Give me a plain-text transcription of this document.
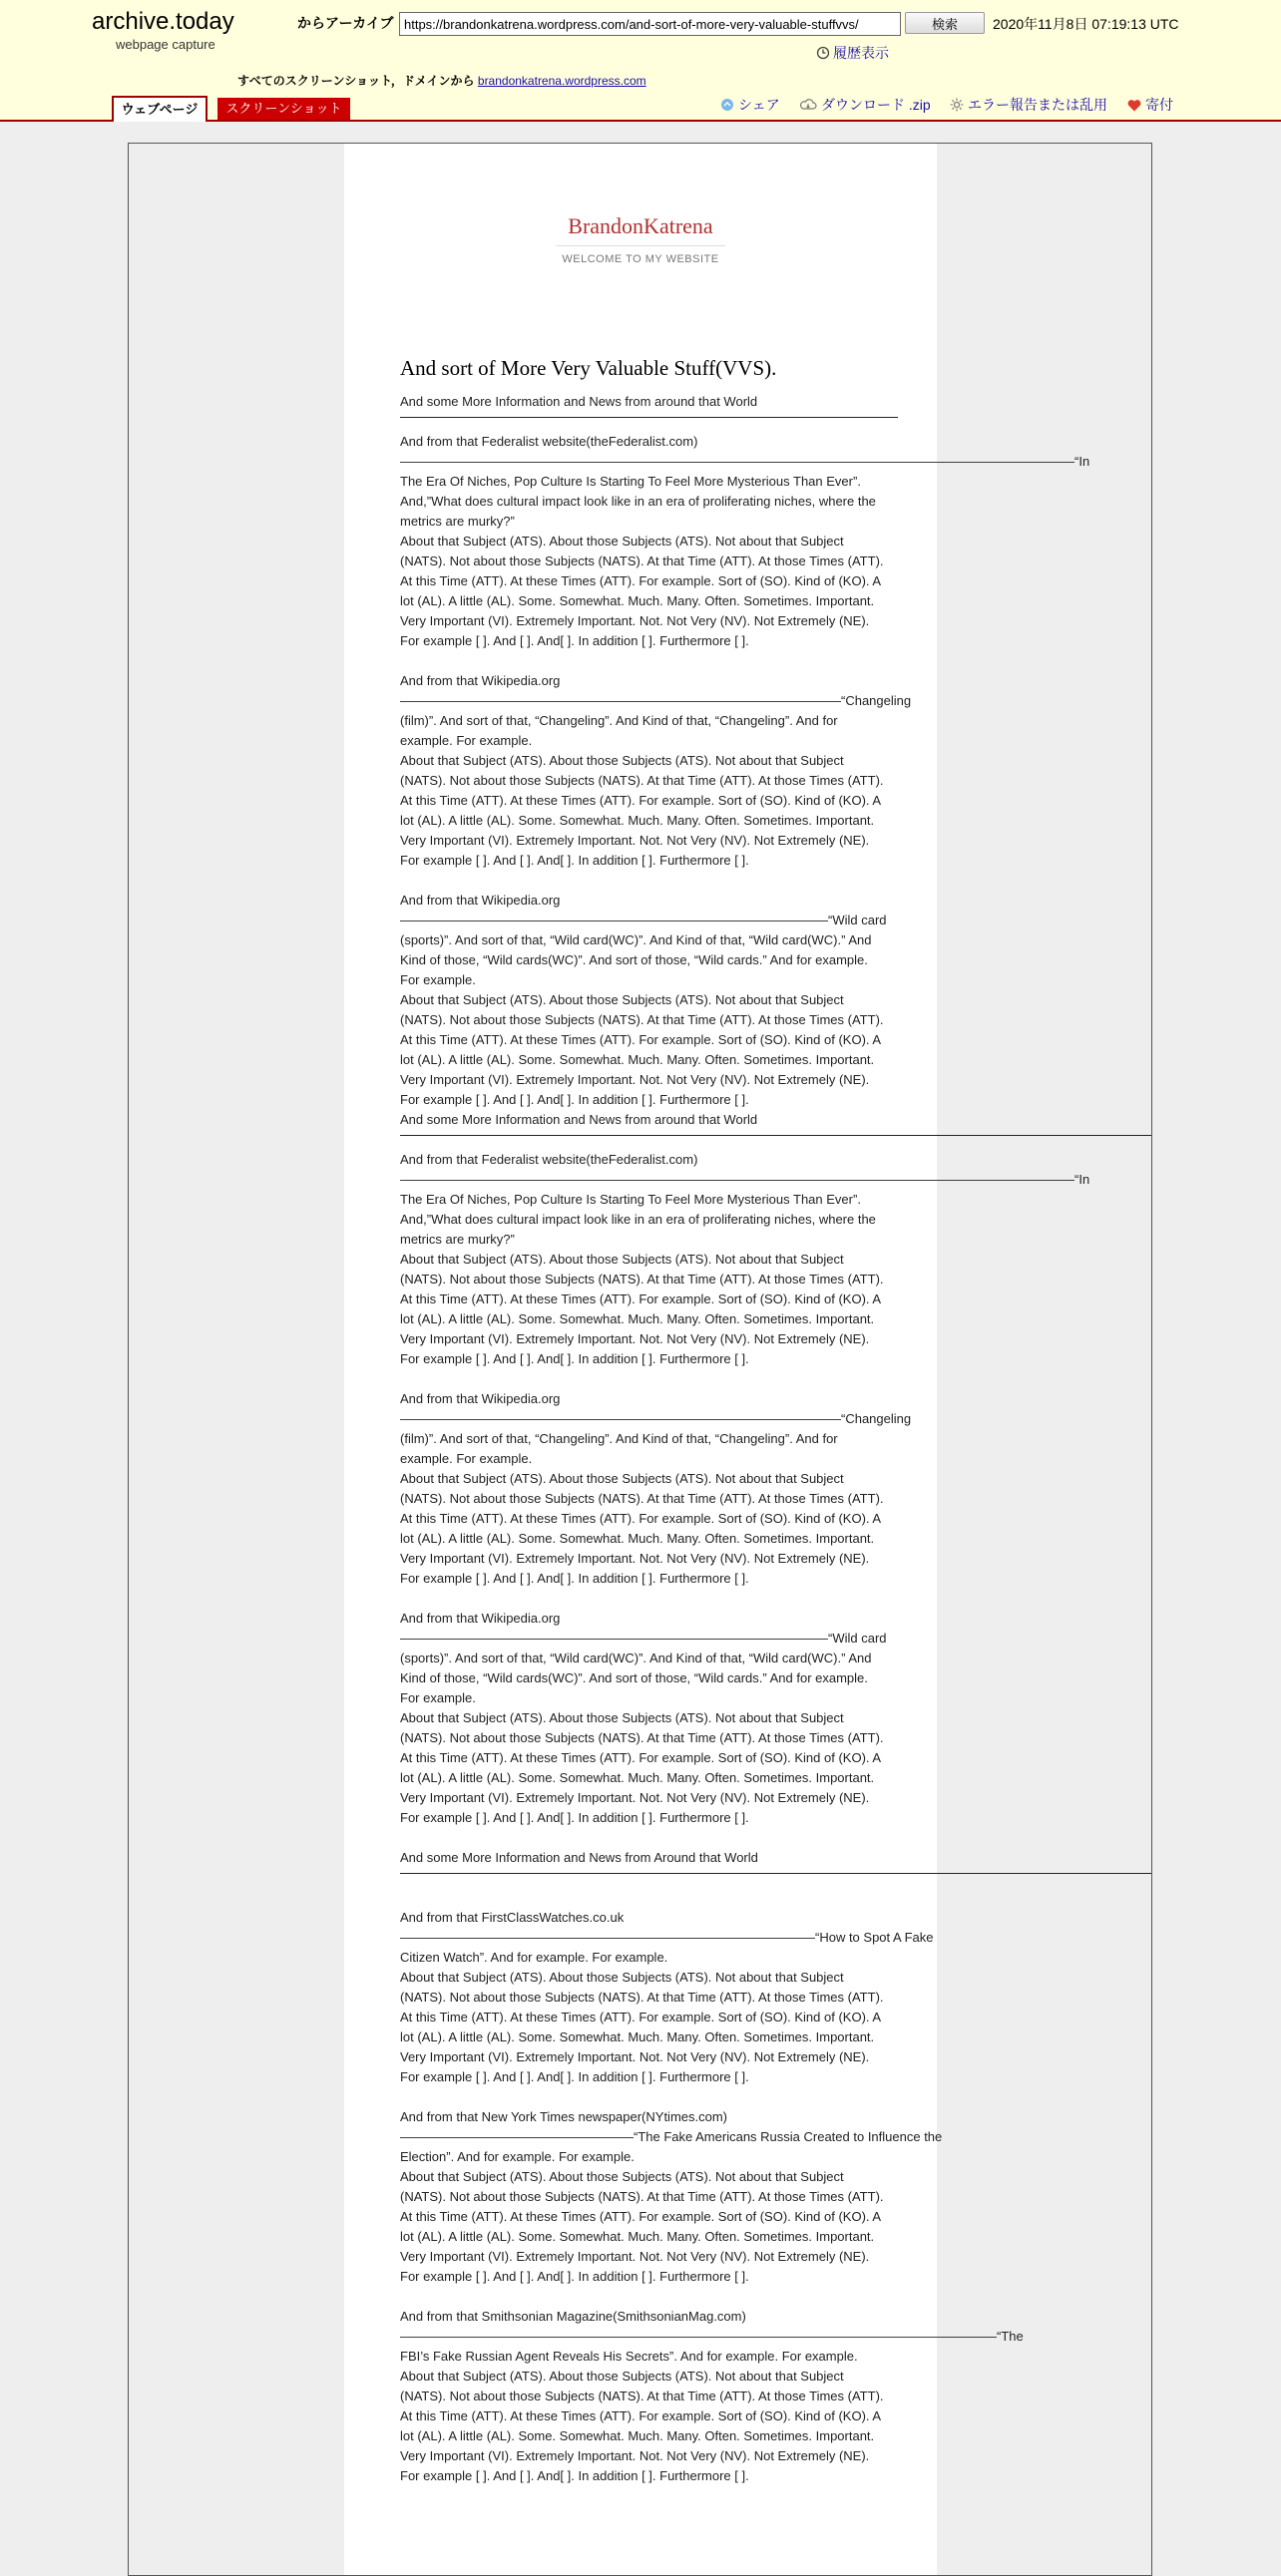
archive.today
webpage capture
からアーカイブ
https://brandonkatrena.wordpress.com/and-sort-of-more-very-valuable-stuffvvs/	検索	2020年11月8日 07:19:13 UTC
履歴表示
すべてのスクリーンショット，ドメインから brandonkatrena.wordpress.com
ウェブページ	スクリーンショット	シェア	ダウンロード .zip	エラー報告または乱用	寄付
BrandonKatrena
WELCOME TO MY WEBSITE
And sort of More Very Valuable Stuff(VVS).

And some More Information and News from around that World

And from that Federalist website(theFederalist.com)

————————————————————————————————————————————————————“In

The Era Of Niches, Pop Culture Is Starting To Feel More Mysterious Than Ever”. And,”What does cultural impact look like in an era of proliferating niches, where the metrics are murky?”

About that Subject (ATS). About those Subjects (ATS). Not about that Subject (NATS). Not about those Subjects (NATS). At that Time (ATT). At those Times (ATT). At this Time (ATT). At these Times (ATT). For example. Sort of (SO). Kind of (KO). A lot (AL). A little (AL). Some. Somewhat. Much. Many. Often. Sometimes. Important. Very Important (VI). Extremely Important. Not. Not Very (NV). Not Extremely (NE). For example [ ]. And [ ]. And[ ]. In addition [ ]. Furthermore [ ].

And from that Wikipedia.org

——————————————————————————————————“Changeling

(film)”. And sort of that, “Changeling”. And Kind of that, “Changeling”. And for example. For example.

About that Subject (ATS). About those Subjects (ATS). Not about that Subject (NATS). Not about those Subjects (NATS). At that Time (ATT). At those Times (ATT). At this Time (ATT). At these Times (ATT). For example. Sort of (SO). Kind of (KO). A lot (AL). A little (AL). Some. Somewhat. Much. Many. Often. Sometimes. Important. Very Important (VI). Extremely Important. Not. Not Very (NV). Not Extremely (NE). For example [ ]. And [ ]. And[ ]. In addition [ ]. Furthermore [ ].

And from that Wikipedia.org

—————————————————————————————————“Wild card

(sports)”. And sort of that, “Wild card(WC)”. And Kind of that, “Wild card(WC).” And Kind of those, “Wild cards(WC)”. And sort of those, “Wild cards.” And for example. For example.

About that Subject (ATS). About those Subjects (ATS). Not about that Subject (NATS). Not about those Subjects (NATS). At that Time (ATT). At those Times (ATT). At this Time (ATT). At these Times (ATT). For example. Sort of (SO). Kind of (KO). A lot (AL). A little (AL). Some. Somewhat. Much. Many. Often. Sometimes. Important. Very Important (VI). Extremely Important. Not. Not Very (NV). Not Extremely (NE). For example [ ]. And [ ]. And[ ]. In addition [ ]. Furthermore [ ].

And some More Information and News from around that World

And from that Federalist website(theFederalist.com)

————————————————————————————————————————————————————“In

The Era Of Niches, Pop Culture Is Starting To Feel More Mysterious Than Ever”. And,”What does cultural impact look like in an era of proliferating niches, where the metrics are murky?”

About that Subject (ATS). About those Subjects (ATS). Not about that Subject (NATS). Not about those Subjects (NATS). At that Time (ATT). At those Times (ATT). At this Time (ATT). At these Times (ATT). For example. Sort of (SO). Kind of (KO). A lot (AL). A little (AL). Some. Somewhat. Much. Many. Often. Sometimes. Important. Very Important (VI). Extremely Important. Not. Not Very (NV). Not Extremely (NE). For example [ ]. And [ ]. And[ ]. In addition [ ]. Furthermore [ ].

And from that Wikipedia.org

——————————————————————————————————“Changeling

(film)”. And sort of that, “Changeling”. And Kind of that, “Changeling”. And for example. For example.

About that Subject (ATS). About those Subjects (ATS). Not about that Subject (NATS). Not about those Subjects (NATS). At that Time (ATT). At those Times (ATT). At this Time (ATT). At these Times (ATT). For example. Sort of (SO). Kind of (KO). A lot (AL). A little (AL). Some. Somewhat. Much. Many. Often. Sometimes. Important. Very Important (VI). Extremely Important. Not. Not Very (NV). Not Extremely (NE). For example [ ]. And [ ]. And[ ]. In addition [ ]. Furthermore [ ].

And from that Wikipedia.org

—————————————————————————————————“Wild card

(sports)”. And sort of that, “Wild card(WC)”. And Kind of that, “Wild card(WC).” And Kind of those, “Wild cards(WC)”. And sort of those, “Wild cards.” And for example. For example.

About that Subject (ATS). About those Subjects (ATS). Not about that Subject (NATS). Not about those Subjects (NATS). At that Time (ATT). At those Times (ATT). At this Time (ATT). At these Times (ATT). For example. Sort of (SO). Kind of (KO). A lot (AL). A little (AL). Some. Somewhat. Much. Many. Often. Sometimes. Important. Very Important (VI). Extremely Important. Not. Not Very (NV). Not Extremely (NE). For example [ ]. And [ ]. And[ ]. In addition [ ]. Furthermore [ ].

And some More Information and News from Around that World

And from that FirstClassWatches.co.uk

————————————————————————————————“How to Spot A Fake

Citizen Watch”. And for example. For example.

About that Subject (ATS). About those Subjects (ATS). Not about that Subject (NATS). Not about those Subjects (NATS). At that Time (ATT). At those Times (ATT). At this Time (ATT). At these Times (ATT). For example. Sort of (SO). Kind of (KO). A lot (AL). A little (AL). Some. Somewhat. Much. Many. Often. Sometimes. Important. Very Important (VI). Extremely Important. Not. Not Very (NV). Not Extremely (NE). For example [ ]. And [ ]. And[ ]. In addition [ ]. Furthermore [ ].

And from that New York Times newspaper(NYtimes.com)

——————————————————“The Fake Americans Russia Created to Influence the

Election”. And for example. For example.

About that Subject (ATS). About those Subjects (ATS). Not about that Subject (NATS). Not about those Subjects (NATS). At that Time (ATT). At those Times (ATT). At this Time (ATT). At these Times (ATT). For example. Sort of (SO). Kind of (KO). A lot (AL). A little (AL). Some. Somewhat. Much. Many. Often. Sometimes. Important. Very Important (VI). Extremely Important. Not. Not Very (NV). Not Extremely (NE). For example [ ]. And [ ]. And[ ]. In addition [ ]. Furthermore [ ].

And from that Smithsonian Magazine(SmithsonianMag.com)

——————————————————————————————————————————————“The

FBI’s Fake Russian Agent Reveals His Secrets”. And for example. For example.

About that Subject (ATS). About those Subjects (ATS). Not about that Subject (NATS). Not about those Subjects (NATS). At that Time (ATT). At those Times (ATT). At this Time (ATT). At these Times (ATT). For example. Sort of (SO). Kind of (KO). A lot (AL). A little (AL). Some. Somewhat. Much. Many. Often. Sometimes. Important. Very Important (VI). Extremely Important. Not. Not Very (NV). Not Extremely (NE). For example [ ]. And [ ]. And[ ]. In addition [ ]. Furthermore [ ].
